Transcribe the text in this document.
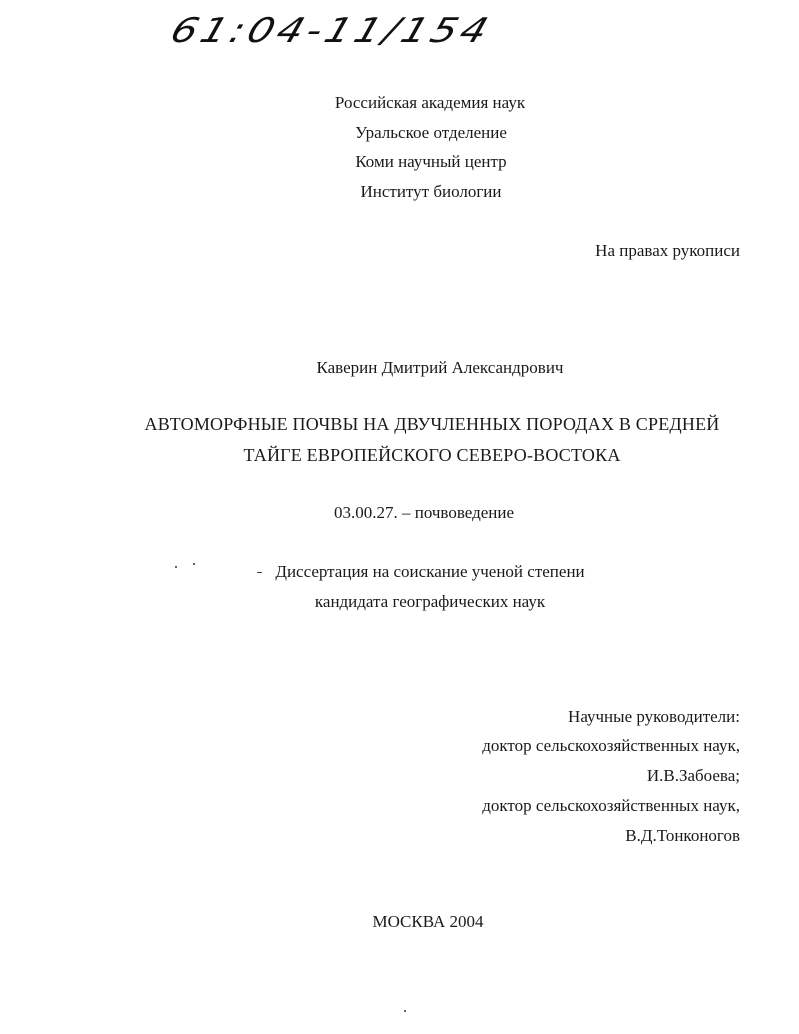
61:04-11/154
Российская академия наук
Уральское отделение
Коми научный центр
Институт биологии
На правах рукописи
Каверин Дмитрий Александрович
АВТОМОРФНЫЕ ПОЧВЫ НА ДВУЧЛЕННЫХ ПОРОДАХ В СРЕДНЕЙ
ТАЙГЕ ЕВРОПЕЙСКОГО СЕВЕРО-ВОСТОКА
03.00.27. – почвоведение
Диссертация на соискание ученой степени
кандидата географических наук
Научные руководители:
доктор сельскохозяйственных наук,
И.В.Забоева;
доктор сельскохозяйственных наук,
В.Д.Тонконогов
МОСКВА 2004
